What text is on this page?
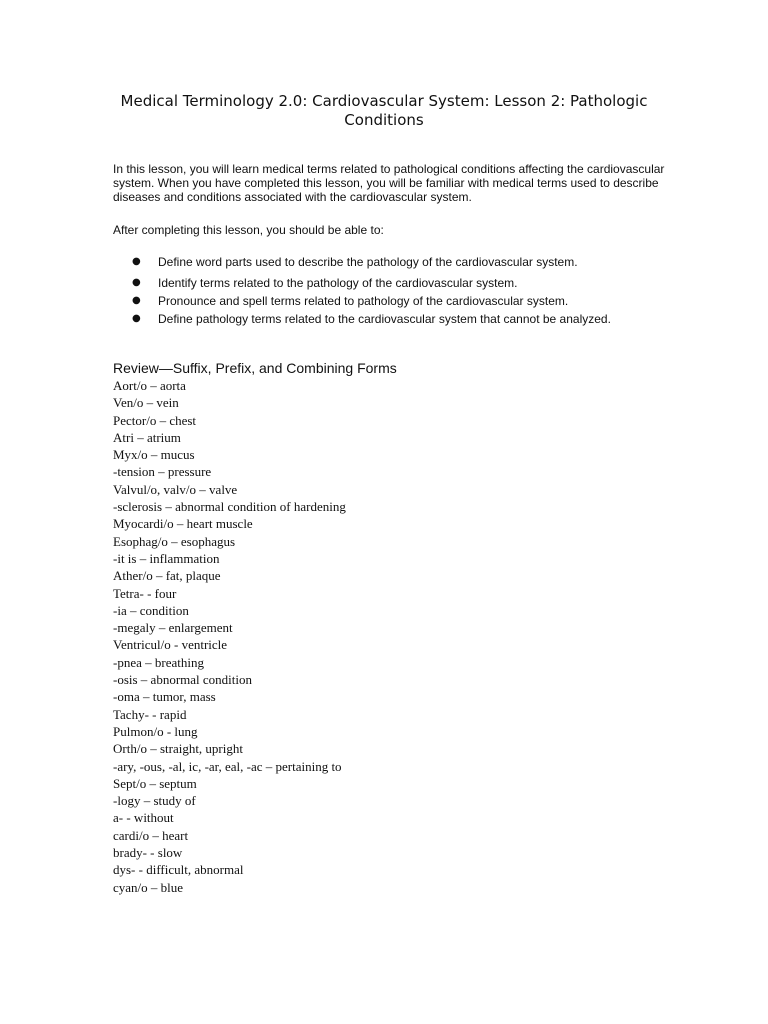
Medical Terminology 2.0: Cardiovascular System: Lesson 2: Pathologic Conditions

In this lesson, you will learn medical terms related to pathological conditions affecting the cardiovascular system. When you have completed this lesson, you will be familiar with medical terms used to describe diseases and conditions associated with the cardiovascular system.

After completing this lesson, you should be able to:

● Define word parts used to describe the pathology of the cardiovascular system.
● Identify terms related to the pathology of the cardiovascular system.
● Pronounce and spell terms related to pathology of the cardiovascular system.
● Define pathology terms related to the cardiovascular system that cannot be analyzed.
Review—Suffix, Prefix, and Combining Forms
Aort/o – aorta
Ven/o – vein
Pector/o – chest
Atri – atrium
Myx/o – mucus
-tension – pressure
Valvul/o, valv/o – valve
-sclerosis – abnormal condition of hardening
Myocardi/o – heart muscle
Esophag/o – esophagus
-it is – inflammation
Ather/o – fat, plaque
Tetra- - four
-ia – condition
-megaly – enlargement
Ventricul/o - ventricle
-pnea – breathing
-osis – abnormal condition
-oma – tumor, mass
Tachy- - rapid
Pulmon/o - lung
Orth/o – straight, upright
-ary, -ous, -al, ic, -ar, eal, -ac – pertaining to
Sept/o – septum
-logy – study of
a- - without
cardi/o – heart
brady- - slow
dys- - difficult, abnormal
cyan/o – blue
